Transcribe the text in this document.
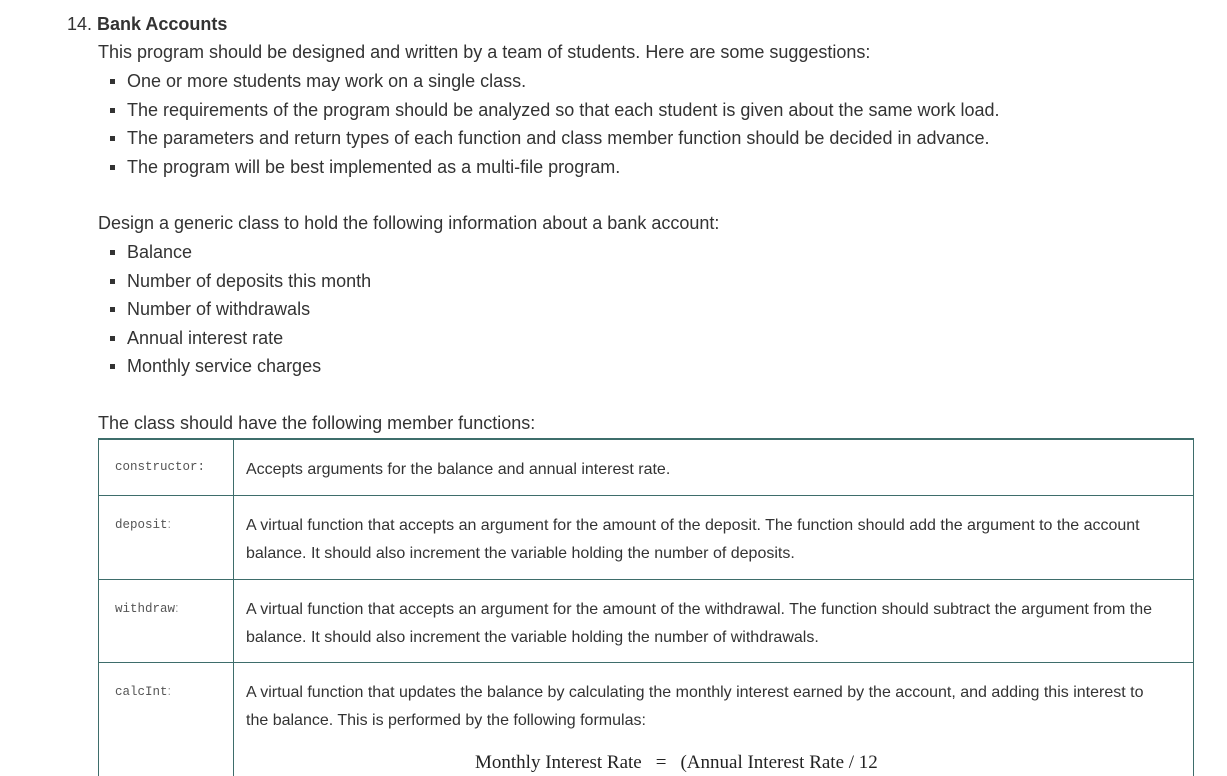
14. Bank Accounts
This program should be designed and written by a team of students. Here are some suggestions:
One or more students may work on a single class.
The requirements of the program should be analyzed so that each student is given about the same work load.
The parameters and return types of each function and class member function should be decided in advance.
The program will be best implemented as a multi-file program.
Design a generic class to hold the following information about a bank account:
Balance
Number of deposits this month
Number of withdrawals
Annual interest rate
Monthly service charges
The class should have the following member functions:
constructor:	Accepts arguments for the balance and annual interest rate.
deposit:	A virtual function that accepts an argument for the amount of the deposit. The function should add the argument to the account balance. It should also increment the variable holding the number of deposits.
withdraw:	A virtual function that accepts an argument for the amount of the withdrawal. The function should subtract the argument from the balance. It should also increment the variable holding the number of withdrawals.
calcInt:	A virtual function that updates the balance by calculating the monthly interest earned by the account, and adding this interest to the balance. This is performed by the following formulas:
Monthly Interest Rate = (Annual Interest Rate / 12
